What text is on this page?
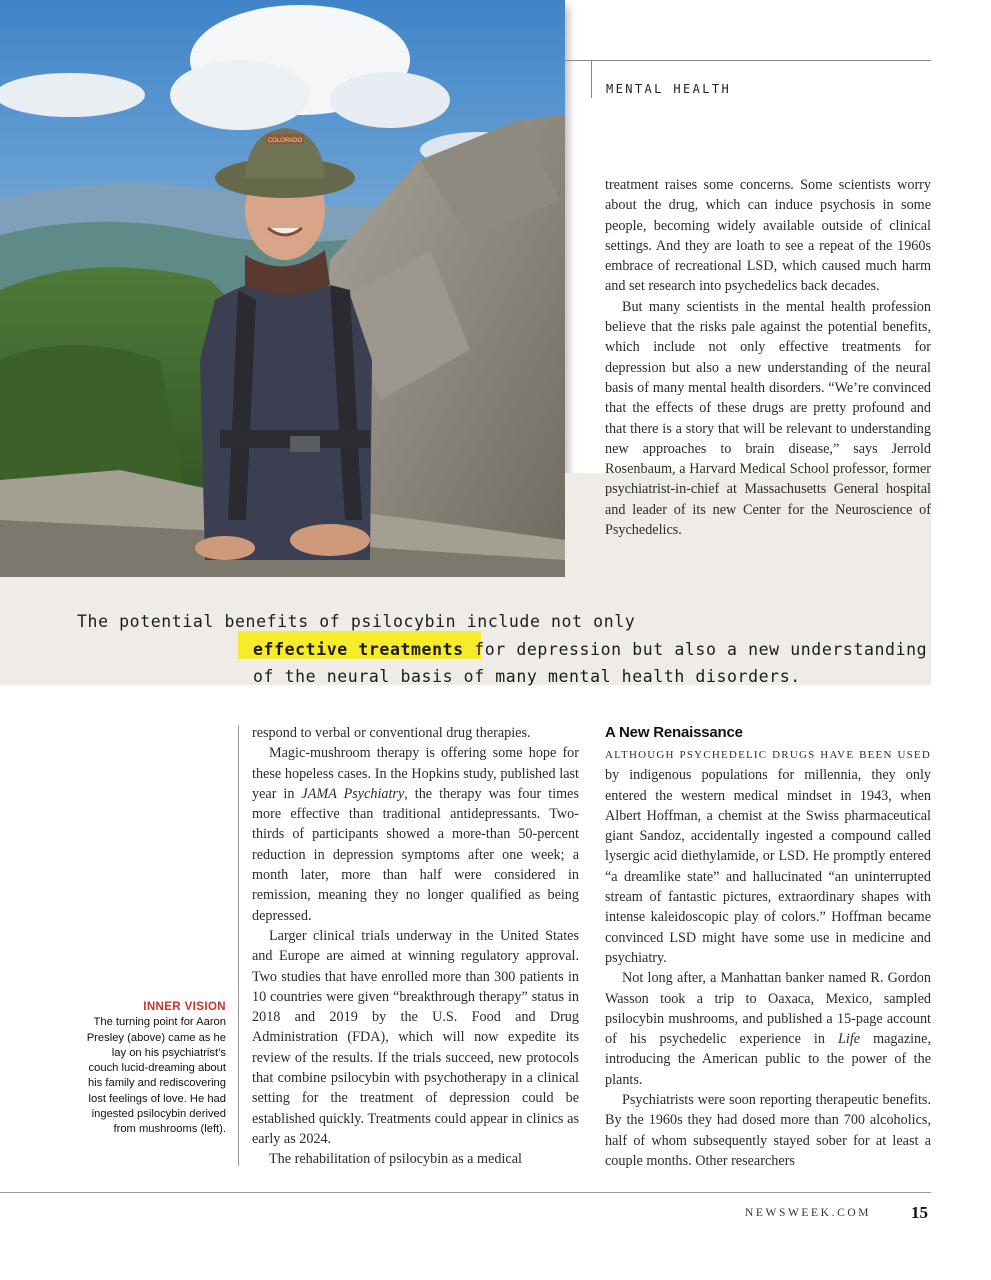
COLORADO
MENTAL HEALTH

treatment raises some concerns. Some scientists worry about the drug, which can induce psychosis in some people, becoming widely available outside of clinical settings. And they are loath to see a repeat of the 1960s embrace of recreational LSD, which caused much harm and set research into psychedelics back decades.

But many scientists in the mental health profession believe that the risks pale against the potential benefits, which include not only effective treatments for depression but also a new understanding of the neural basis of many mental health disorders. “We’re convinced that the effects of these drugs are pretty profound and that there is a story that will be relevant to understanding new approaches to brain disease,” says Jerrold Rosenbaum, a Harvard Medical School professor, former psychiatrist-in-chief at Massachusetts General hospital and leader of its new Center for the Neuroscience of Psychedelics.

The potential benefits of psilocybin include not only
effective treatments for depression but also a new understanding
of the neural basis of many mental health disorders.

respond to verbal or conventional drug therapies.

Magic-mushroom therapy is offering some hope for these hopeless cases. In the Hopkins study, published last year in JAMA Psychiatry, the therapy was four times more effective than traditional antidepressants. Two-thirds of participants showed a more-than 50-percent reduction in depression symptoms after one week; a month later, more than half were considered in remission, meaning they no longer qualified as being depressed.

Larger clinical trials underway in the United States and Europe are aimed at winning regulatory approval. Two studies that have enrolled more than 300 patients in 10 countries were given “breakthrough therapy” status in 2018 and 2019 by the U.S. Food and Drug Administration (FDA), which will now expedite its review of the results. If the trials succeed, new protocols that combine psilocybin with psychotherapy in a clinical setting for the treatment of depression could be established quickly. Treatments could appear in clinics as early as 2024.

The rehabilitation of psilocybin as a medical

A New Renaissance

ALTHOUGH PSYCHEDELIC DRUGS HAVE BEEN USED by indigenous populations for millennia, they only entered the western medical mindset in 1943, when Albert Hoffman, a chemist at the Swiss pharmaceutical giant Sandoz, accidentally ingested a compound called lysergic acid diethylamide, or LSD. He promptly entered “a dreamlike state” and hallucinated “an uninterrupted stream of fantastic pictures, extraordinary shapes with intense kaleidoscopic play of colors.” Hoffman became convinced LSD might have some use in medicine and psychiatry.

Not long after, a Manhattan banker named R. Gordon Wasson took a trip to Oaxaca, Mexico, sampled psilocybin mushrooms, and published a 15-page account of his psychedelic experience in Life magazine, introducing the American public to the power of the plants.

Psychiatrists were soon reporting therapeutic benefits. By the 1960s they had dosed more than 700 alcoholics, half of whom subsequently stayed sober for at least a couple months. Other researchers

INNER VISION
The turning point for Aaron Presley (above) came as he lay on his psychiatrist’s couch lucid-dreaming about his family and rediscovering lost feelings of love. He had ingested psilocybin derived from mushrooms (left).
NEWSWEEK.COM 15
